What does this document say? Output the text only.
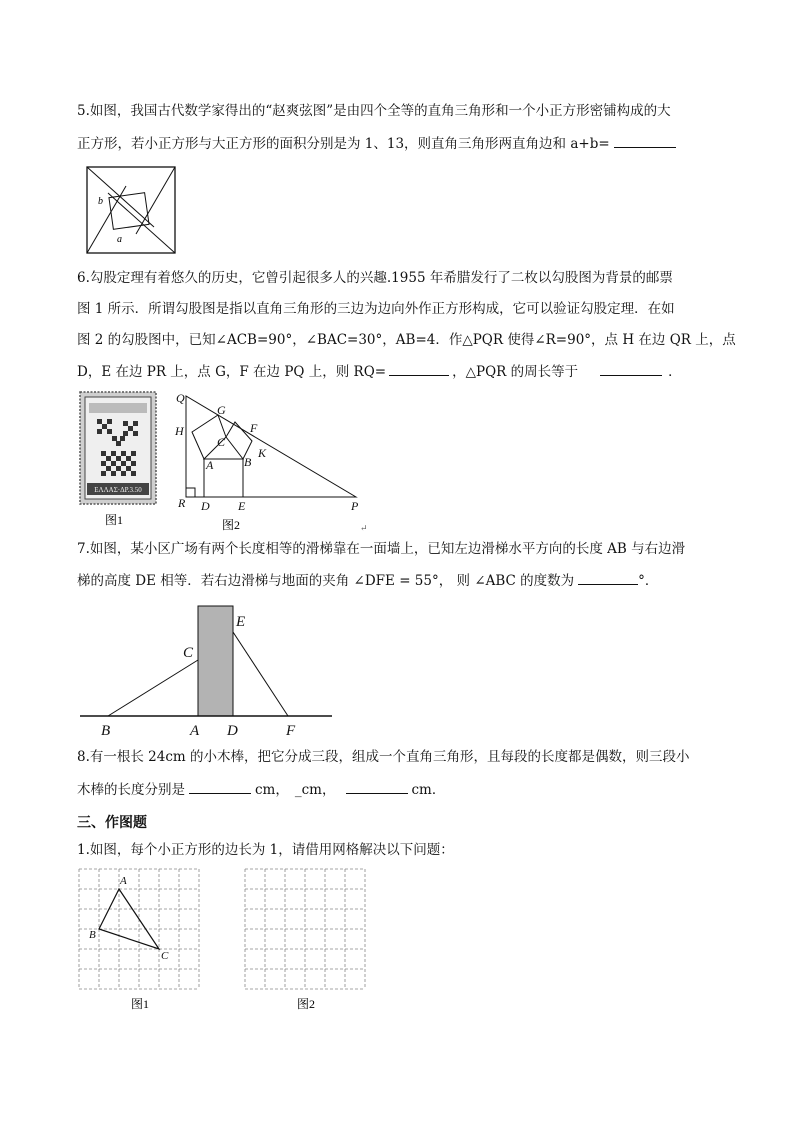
5.如图，我国古代数学家得出的“赵爽弦图”是由四个全等的直角三角形和一个小正方形密铺构成的大
正方形，若小正方形与大正方形的面积分别是为 1、13，则直角三角形两直角边和 a+b=
b
a
6.勾股定理有着悠久的历史，它曾引起很多人的兴趣.1955 年希腊发行了二枚以勾股图为背景的邮票
图 1 所示．所谓勾股图是指以直角三角形的三边为边向外作正方形构成，它可以验证勾股定理．在如
图 2 的勾股图中，已知∠ACB=90°，∠BAC=30°，AB=4．作△PQR 使得∠R=90°，点 H 在边 QR 上，点
D，E 在边 PR 上，点 G，F 在边 PQ 上，则 RQ=	，△PQR 的周长等于	．
ΕΛΛΑΣ·ΔΡ.3.50
图1
Q
G
H	F
C
K
A	B
R D E	P
图2	↵
7.如图，某小区广场有两个长度相等的滑梯靠在一面墙上，已知左边滑梯水平方向的长度 AB 与右边滑
梯的高度 DE 相等．若右边滑梯与地面的夹角 ∠DFE = 55°， 则 ∠ABC 的度数为	°．
E
C
B	A D	F
8.有一根长 24cm 的小木棒，把它分成三段，组成一个直角三角形，且每段的长度都是偶数，则三段小
木棒的长度分别是	cm， _cm，	cm．
三、作图题
1.如图，每个小正方形的边长为 1，请借用网格解决以下问题：
A
B
C
图1	图2
